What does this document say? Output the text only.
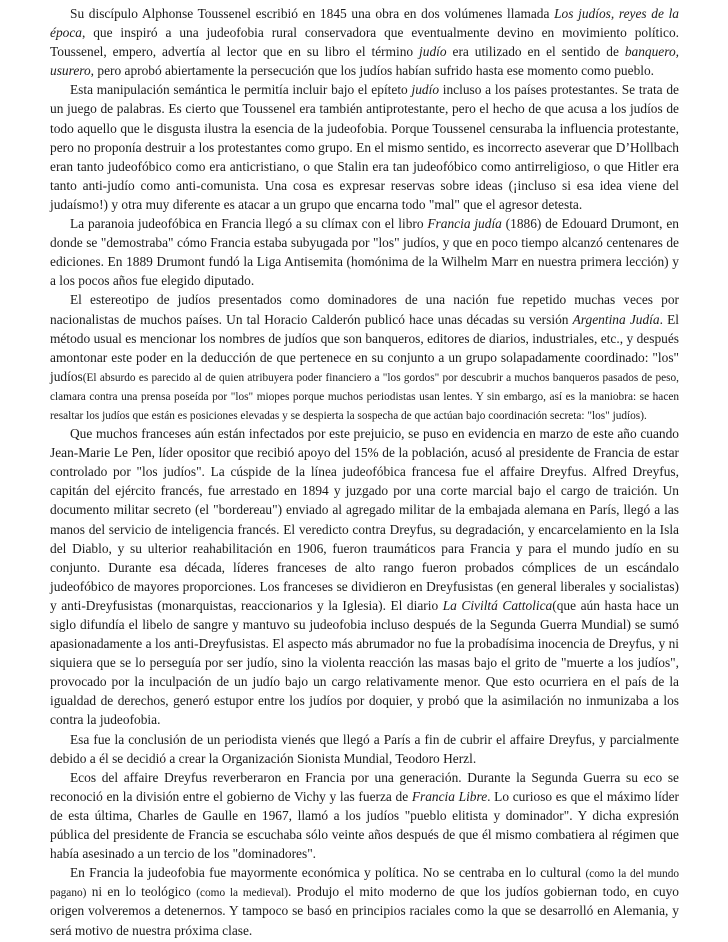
Su discípulo Alphonse Toussenel escribió en 1845 una obra en dos volúmenes llamada Los judíos, reyes de la época, que inspiró a una judeofobia rural conservadora que eventualmente devino en movimiento político. Toussenel, empero, advertía al lector que en su libro el término judío era utilizado en el sentido de banquero, usurero, pero aprobó abiertamente la persecución que los judíos habían sufrido hasta ese momento como pueblo.

Esta manipulación semántica le permitía incluir bajo el epíteto judío incluso a los países protestantes. Se trata de un juego de palabras. Es cierto que Toussenel era también antiprotestante, pero el hecho de que acusa a los judíos de todo aquello que le disgusta ilustra la esencia de la judeofobia. Porque Toussenel censuraba la influencia protestante, pero no proponía destruir a los protestantes como grupo. En el mismo sentido, es incorrecto aseverar que D’Hollbach eran tanto judeofóbico como era anticristiano, o que Stalin era tan judeofóbico como antirreligioso, o que Hitler era tanto anti-judío como anti-comunista. Una cosa es expresar reservas sobre ideas (¡incluso si esa idea viene del judaísmo!) y otra muy diferente es atacar a un grupo que encarna todo "mal" que el agresor detesta.

La paranoia judeofóbica en Francia llegó a su clímax con el libro Francia judía (1886) de Edouard Drumont, en donde se "demostraba" cómo Francia estaba subyugada por "los" judíos, y que en poco tiempo alcanzó centenares de ediciones. En 1889 Drumont fundó la Liga Antisemita (homónima de la Wilhelm Marr en nuestra primera lección) y a los pocos años fue elegido diputado.

El estereotipo de judíos presentados como dominadores de una nación fue repetido muchas veces por nacionalistas de muchos países. Un tal Horacio Calderón publicó hace unas décadas su versión Argentina Judía. El método usual es mencionar los nombres de judíos que son banqueros, editores de diarios, industriales, etc., y después amontonar este poder en la deducción de que pertenece en su conjunto a un grupo solapadamente coordinado: "los" judíos(El absurdo es parecido al de quien atribuyera poder financiero a "los gordos" por descubrir a muchos banqueros pasados de peso, clamara contra una prensa poseída por "los" miopes porque muchos periodistas usan lentes. Y sin embargo, así es la maniobra: se hacen resaltar los judíos que están es posiciones elevadas y se despierta la sospecha de que actúan bajo coordinación secreta: "los" judíos).

Que muchos franceses aún están infectados por este prejuicio, se puso en evidencia en marzo de este año cuando Jean-Marie Le Pen, líder opositor que recibió apoyo del 15% de la población, acusó al presidente de Francia de estar controlado por "los judíos". La cúspide de la línea judeofóbica francesa fue el affaire Dreyfus. Alfred Dreyfus, capitán del ejército francés, fue arrestado en 1894 y juzgado por una corte marcial bajo el cargo de traición. Un documento militar secreto (el "bordereau") enviado al agregado militar de la embajada alemana en París, llegó a las manos del servicio de inteligencia francés. El veredicto contra Dreyfus, su degradación, y encarcelamiento en la Isla del Diablo, y su ulterior reahabilitación en 1906, fueron traumáticos para Francia y para el mundo judío en su conjunto. Durante esa década, líderes franceses de alto rango fueron probados cómplices de un escándalo judeofóbico de mayores proporciones. Los franceses se dividieron en Dreyfusistas (en general liberales y socialistas) y anti-Dreyfusistas (monarquistas, reaccionarios y la Iglesia). El diario La Civiltá Cattolica(que aún hasta hace un siglo difundía el libelo de sangre y mantuvo su judeofobia incluso después de la Segunda Guerra Mundial) se sumó apasionadamente a los anti-Dreyfusistas. El aspecto más abrumador no fue la probadísima inocencia de Dreyfus, y ni siquiera que se lo perseguía por ser judío, sino la violenta reacción las masas bajo el grito de "muerte a los judíos", provocado por la inculpación de un judío bajo un cargo relativamente menor. Que esto ocurriera en el país de la igualdad de derechos, generó estupor entre los judíos por doquier, y probó que la asimilación no inmunizaba a los contra la judeofobia.

Esa fue la conclusión de un periodista vienés que llegó a París a fin de cubrir el affaire Dreyfus, y parcialmente debido a él se decidió a crear la Organización Sionista Mundial, Teodoro Herzl.

Ecos del affaire Dreyfus reverberaron en Francia por una generación. Durante la Segunda Guerra su eco se reconoció en la división entre el gobierno de Vichy y las fuerza de Francia Libre. Lo curioso es que el máximo líder de esta última, Charles de Gaulle en 1967, llamó a los judíos "pueblo elitista y dominador". Y dicha expresión pública del presidente de Francia se escuchaba sólo veinte años después de que él mismo combatiera al régimen que había asesinado a un tercio de los "dominadores".

En Francia la judeofobia fue mayormente económica y política. No se centraba en lo cultural (como la del mundo pagano) ni en lo teológico (como la medieval). Produjo el mito moderno de que los judíos gobiernan todo, en cuyo origen volveremos a detenernos. Y tampoco se basó en principios raciales como la que se desarrolló en Alemania, y será motivo de nuestra próxima clase.
